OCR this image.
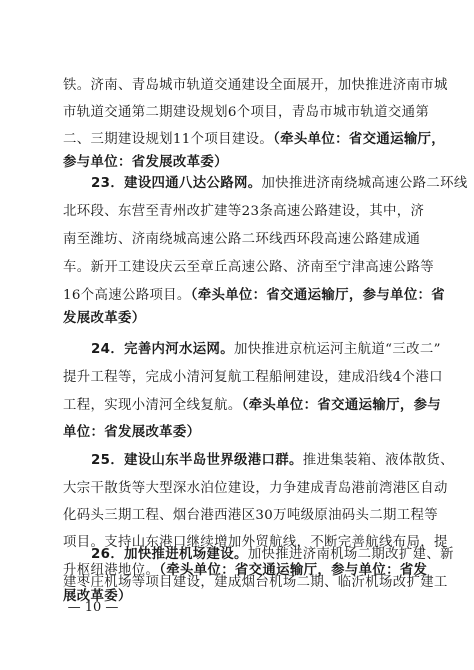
铁。济南、青岛城市轨道交通建设全面展开，加快推进济南市城
市轨道交通第二期建设规划6个项目，青岛市城市轨道交通第
二、三期建设规划11个项目建设。（牵头单位：省交通运输厅，
参与单位：省发展改革委）
23．建设四通八达公路网。加快推进济南绕城高速公路二环线
北环段、东营至青州改扩建等23条高速公路建设，其中，济
南至潍坊、济南绕城高速公路二环线西环段高速公路建成通
车。新开工建设庆云至章丘高速公路、济南至宁津高速公路等
16个高速公路项目。（牵头单位：省交通运输厅，参与单位：省
发展改革委）
24．完善内河水运网。加快推进京杭运河主航道“三改二”
提升工程等，完成小清河复航工程船闸建设，建成沿线4个港口
工程，实现小清河全线复航。（牵头单位：省交通运输厅，参与
单位：省发展改革委）
25．建设山东半岛世界级港口群。推进集装箱、液体散货、
大宗干散货等大型深水泊位建设，力争建成青岛港前湾港区自动
化码头三期工程、烟台港西港区30万吨级原油码头二期工程等
项目。支持山东港口继续增加外贸航线，不断完善航线布局，提
升枢纽港地位。（牵头单位：省交通运输厅，参与单位：省发
展改革委）
26．加快推进机场建设。加快推进济南机场二期改扩建、新
建枣庄机场等项目建设，建成烟台机场二期、临沂机场改扩建工
— 10 —
